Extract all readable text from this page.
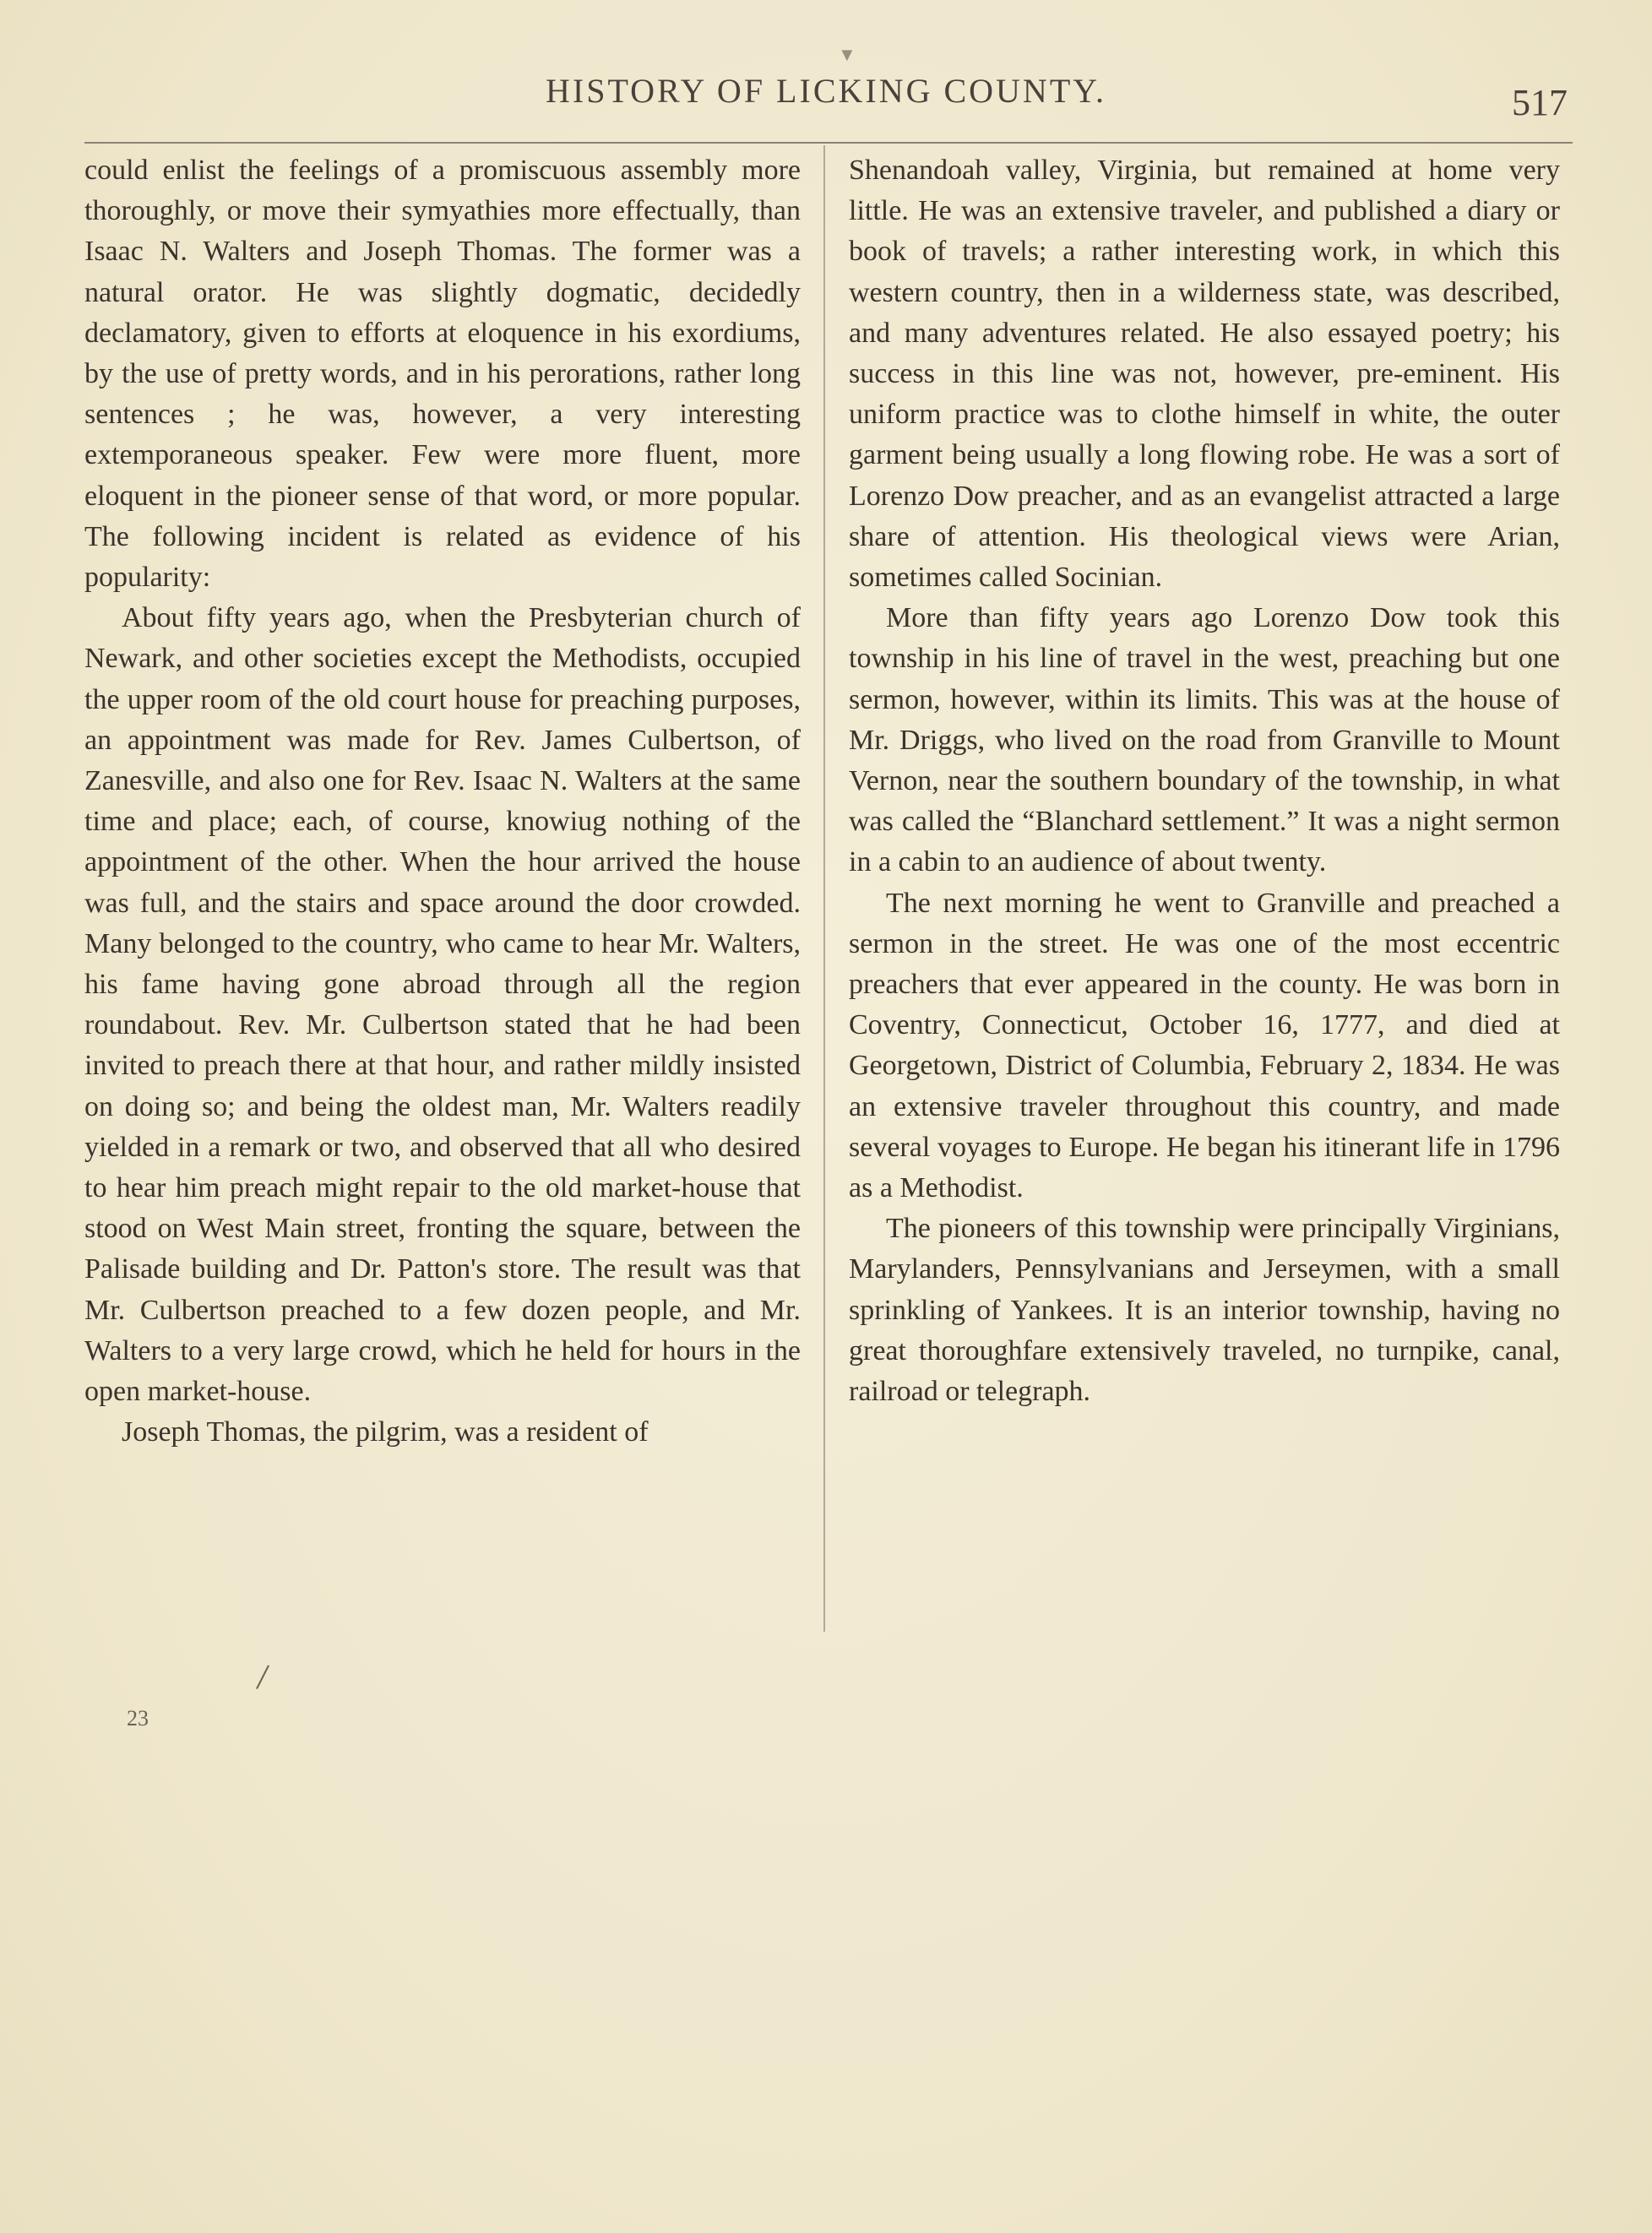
▼
HISTORY OF LICKING COUNTY.	517

could enlist the feelings of a promiscuous assembly more thoroughly, or move their symyathies more effectually, than Isaac N. Walters and Joseph Thomas. The former was a natural orator. He was slightly dogmatic, decidedly declamatory, given to efforts at eloquence in his exordiums, by the use of pretty words, and in his perorations, rather long sentences ; he was, however, a very interesting extemporaneous speaker. Few were more fluent, more eloquent in the pioneer sense of that word, or more popular. The following incident is related as evidence of his popularity:

About fifty years ago, when the Presbyterian church of Newark, and other societies except the Methodists, occupied the upper room of the old court house for preaching purposes, an appointment was made for Rev. James Culbertson, of Zanesville, and also one for Rev. Isaac N. Walters at the same time and place; each, of course, knowiug nothing of the appointment of the other. When the hour arrived the house was full, and the stairs and space around the door crowded. Many belonged to the country, who came to hear Mr. Walters, his fame having gone abroad through all the region roundabout. Rev. Mr. Culbertson stated that he had been invited to preach there at that hour, and rather mildly insisted on doing so; and being the oldest man, Mr. Walters readily yielded in a remark or two, and observed that all who desired to hear him preach might repair to the old market-house that stood on West Main street, fronting the square, between the Palisade building and Dr. Patton's store. The result was that Mr. Culbertson preached to a few dozen people, and Mr. Walters to a very large crowd, which he held for hours in the open market-house.

Joseph Thomas, the pilgrim, was a resident of

Shenandoah valley, Virginia, but remained at home very little. He was an extensive traveler, and published a diary or book of travels; a rather interesting work, in which this western country, then in a wilderness state, was described, and many adventures related. He also essayed poetry; his success in this line was not, however, pre-eminent. His uniform practice was to clothe himself in white, the outer garment being usually a long flowing robe. He was a sort of Lorenzo Dow preacher, and as an evangelist attracted a large share of attention. His theological views were Arian, sometimes called Socinian.

More than fifty years ago Lorenzo Dow took this township in his line of travel in the west, preaching but one sermon, however, within its limits. This was at the house of Mr. Driggs, who lived on the road from Granville to Mount Vernon, near the southern boundary of the township, in what was called the “Blanchard settlement.” It was a night sermon in a cabin to an audience of about twenty.

The next morning he went to Granville and preached a sermon in the street. He was one of the most eccentric preachers that ever appeared in the county. He was born in Coventry, Connecticut, October 16, 1777, and died at Georgetown, District of Columbia, February 2, 1834. He was an extensive traveler throughout this country, and made several voyages to Europe. He began his itinerant life in 1796 as a Methodist.

The pioneers of this township were principally Virginians, Marylanders, Pennsylvanians and Jerseymen, with a small sprinkling of Yankees. It is an interior township, having no great thoroughfare extensively traveled, no turnpike, canal, railroad or telegraph.

/
23
